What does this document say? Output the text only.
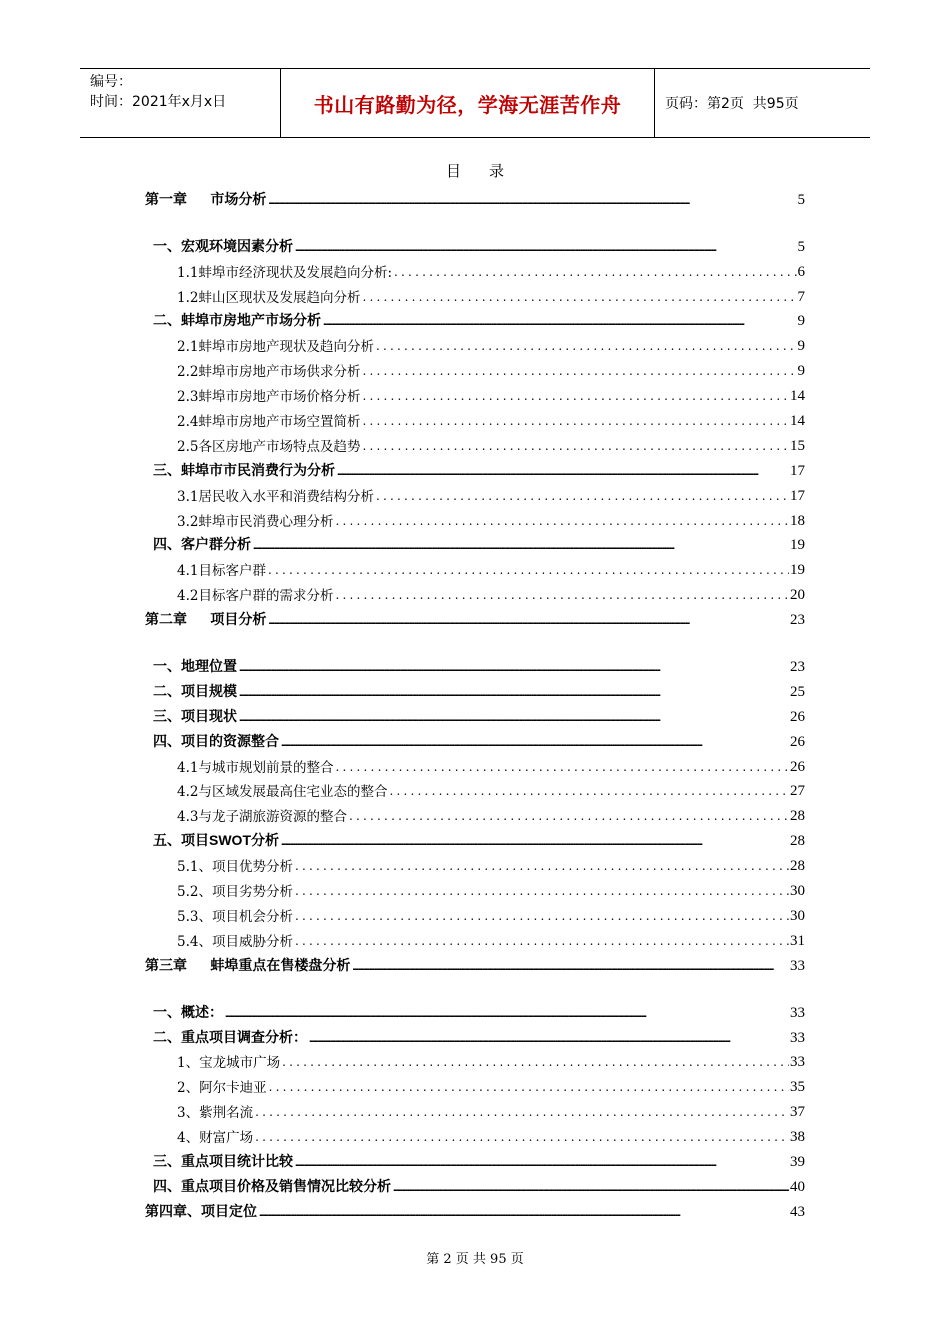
编号：
时间：2021年x月x日	书山有路勤为径，学海无涯苦作舟	页码：第2页  共95页
目录
第一章      市场分析 .....	5
一、宏观环境因素分析 .....	5
1.1蚌埠市经济现状及发展趋向分析: .....	6
1.2蚌山区现状及发展趋向分析 .....	7
二、蚌埠市房地产市场分析 .....	9
2.1蚌埠市房地产现状及趋向分析 .....	9
2.2蚌埠市房地产市场供求分析 .....	9
2.3蚌埠市房地产市场价格分析 .....	14
2.4蚌埠市房地产市场空置简析 .....	14
2.5各区房地产市场特点及趋势 .....	15
三、蚌埠市市民消费行为分析 .....	17
3.1居民收入水平和消费结构分析 .....	17
3.2蚌埠市民消费心理分析 .....	18
四、客户群分析 .....	19
4.1目标客户群 .....	19
4.2目标客户群的需求分析 .....	20
第二章      项目分析 .....	23
一、地理位置 .....	23
二、项目规模 .....	25
三、项目现状 .....	26
四、项目的资源整合 .....	26
4.1与城市规划前景的整合 .....	26
4.2与区域发展最高住宅业态的整合 .....	27
4.3与龙子湖旅游资源的整合 .....	28
五、项目SWOT分析 .....	28
5.1、项目优势分析 .....	28
5.2、项目劣势分析 .....	30
5.3、项目机会分析 .....	30
5.4、项目威胁分析 .....	31
第三章      蚌埠重点在售楼盘分析 .....	33
一、概述： .....	33
二、重点项目调查分析： .....	33
1、宝龙城市广场 .....	33
2、阿尔卡迪亚 .....	35
3、紫荆名流 .....	37
4、财富广场 .....	38
三、重点项目统计比较 .....	39
四、重点项目价格及销售情况比较分析 .....	40
第四章、项目定位 .....	43
第 2 页 共 95 页
